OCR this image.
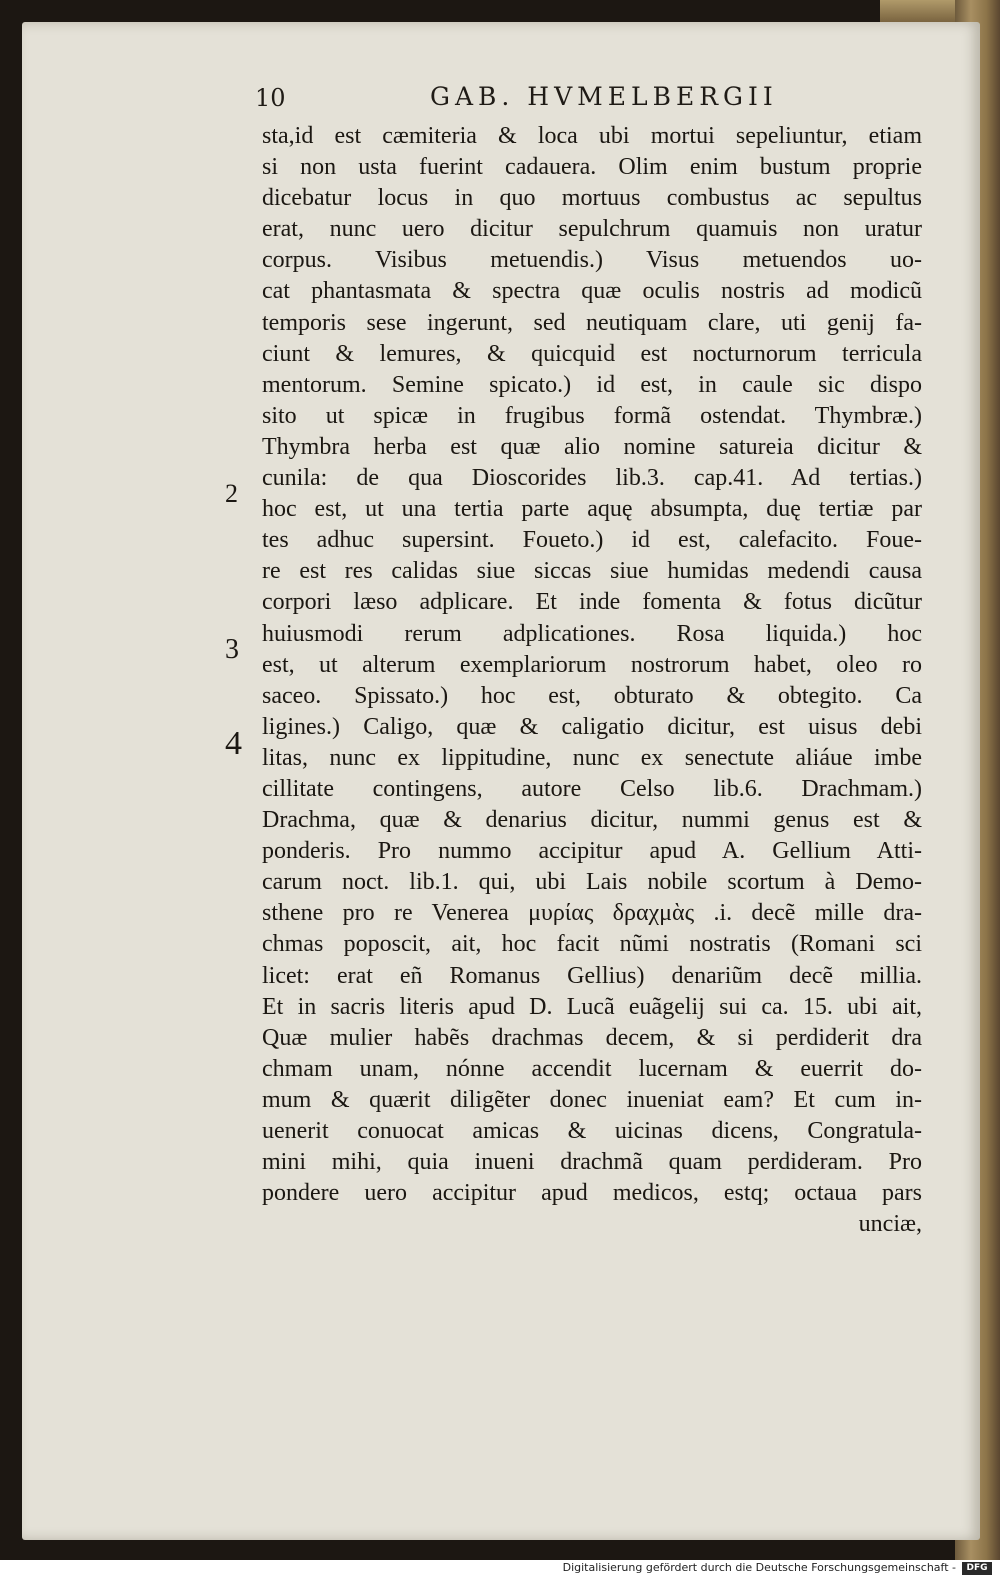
10	GAB. HVMELBERGII
2
3
4
sta,id est cæmiteria & loca ubi mortui sepeliuntur, etiam
si non usta fuerint cadauera. Olim enim bustum proprie
dicebatur locus in quo mortuus combustus ac sepultus
erat, nunc uero dicitur sepulchrum quamuis non uratur
corpus. Visibus metuendis.) Visus metuendos uo-
cat phantasmata & spectra quæ oculis nostris ad modicũ
temporis sese ingerunt, sed neutiquam clare, uti genij fa-
ciunt & lemures, & quicquid est nocturnorum terricula
mentorum. Semine spicato.) id est, in caule sic dispo
sito ut spicæ in frugibus formã ostendat. Thymbræ.)
Thymbra herba est quæ alio nomine satureia dicitur &
cunila: de qua Dioscorides lib.3. cap.41. Ad tertias.)
hoc est, ut una tertia parte aquę absumpta, duę tertiæ par
tes adhuc supersint. Foueto.) id est, calefacito. Foue-
re est res calidas siue siccas siue humidas medendi causa
corpori læso adplicare. Et inde fomenta & fotus dicũtur
huiusmodi rerum adplicationes. Rosa liquida.) hoc
est, ut alterum exemplariorum nostrorum habet, oleo ro
saceo. Spissato.) hoc est, obturato & obtegito. Ca
ligines.) Caligo, quæ & caligatio dicitur, est uisus debi
litas, nunc ex lippitudine, nunc ex senectute aliáue imbe
cillitate contingens, autore Celso lib.6. Drachmam.)
Drachma, quæ & denarius dicitur, nummi genus est &
ponderis. Pro nummo accipitur apud A. Gellium Atti-
carum noct. lib.1. qui, ubi Lais nobile scortum à Demo-
sthene pro re Venerea μυρίας δραχμὰς .i. decẽ mille dra-
chmas poposcit, ait, hoc facit nũmi nostratis (Romani sci
licet: erat eñ Romanus Gellius) denariũm decẽ millia.
Et in sacris literis apud D. Lucã euãgelij sui ca. 15. ubi ait,
Quæ mulier habẽs drachmas decem, & si perdiderit dra
chmam unam, nónne accendit lucernam & euerrit do-
mum & quærit diligẽter donec inueniat eam? Et cum in-
uenerit conuocat amicas & uicinas dicens, Congratula-
mini mihi, quia inueni drachmã quam perdideram. Pro
pondere uero accipitur apud medicos, estq; octaua pars
unciæ,
Digitalisierung gefördert durch die Deutsche Forschungsgemeinschaft -	DFG
